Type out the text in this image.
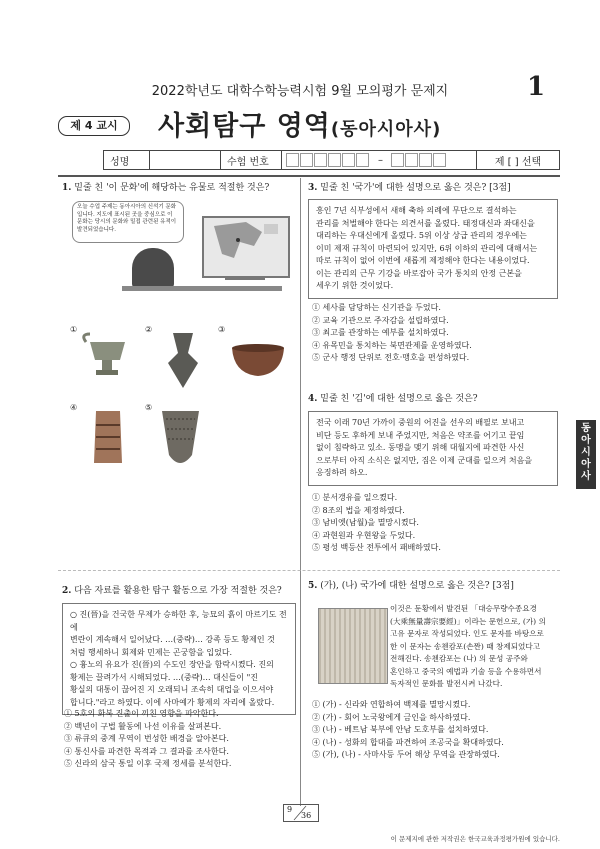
2022학년도 대학수학능력시험 9월 모의평가 문제지	1
제 4 교시	사회탐구 영역(동아시아사)
성명	수험 번호	–	제 [ ] 선택
1. 밑줄 친 '이 문화'에 해당하는 유물로 적절한 것은?
오늘 수업 주제는 동아시아의 신석기 문화입니다. 지도에 표시된 곳을 중심으로 이 문화는 당시의 문화와 밀접 관련된 유적이 발견되었습니다.
①	②	③
④	⑤
2. 다음 자료를 활용한 탐구 활동으로 가장 적절한 것은?
○ 진(晉)을 건국한 무제가 승하한 후, 능묘의 흙이 마르기도 전에
변란이 계속해서 일어났다. …(중략)… 강족 등도 황제인 것
처럼 행세하니 회제와 민제는 곤궁함을 입었다.
○ 흉노의 유요가 진(晉)의 수도인 장안을 함락시켰다. 진의
황제는 끌려가서 시해되었다. …(중략)… 대신들이 "진
황실의 대통이 끊어진 지 오래되니 조속히 대업을 이으셔야
합니다."라고 하였다. 이에 사마예가 황제의 자리에 올랐다.
① 5호의 화북 진출이 끼친 영향을 파악한다.
② 백년이 구법 활동에 나선 이유를 살펴본다.
③ 류큐의 중계 무역이 번성한 배경을 알아본다.
④ 통신사를 파견한 목적과 그 결과를 조사한다.
⑤ 신라의 삼국 통일 이후 국제 정세를 분석한다.
3. 밑줄 친 '국가'에 대한 설명으로 옳은 것은? [3점]
흥인 7년 식부성에서 새해 축하 의례에 무단으로 결석하는
관리를 처벌해야 한다는 의견서를 올렸다. 태정대신과 좌대신을
대리하는 우대신에게 올렸다. 5위 이상 상급 관리의 경우에는
이미 제재 규칙이 마련되어 있지만, 6위 이하의 관리에 대해서는
따로 규칙이 없어 이번에 새롭게 제정해야 한다는 내용이었다.
이는 관리의 근무 기강을 바로잡아 국가 통치의 안정 근본을
세우기 위한 것이었다.
① 세사를 담당하는 신기관을 두었다.
② 교육 기관으로 주자감을 설립하였다.
③ 최고를 관장하는 예부를 설치하였다.
④ 유목민을 통치하는 북면관제를 운영하였다.
⑤ 군사 행정 단위로 전호·맹호을 편성하였다.
4. 밑줄 친 '김'에 대한 설명으로 옳은 것은?
전국 이래 70년 가까이 중원의 어진을 선우의 배필로 보내고
비단 등도 후하게 보내 주었지만, 처음은 약조를 어기고 끝임
없이 침략하고 있소. 동맹을 맺기 위해 대월지에 파견한 사신
으로부터 아직 소식은 없지만, 짐은 이제 군대를 일으켜 처음을
응징하려 하오.
① 분서갱유를 일으켰다.
② 8조의 법을 제정하였다.
③ 남비엣(남월)을 멸망시켰다.
④ 과현원과 우현왕을 두었다.
⑤ 평성 백등산 전투에서 패배하였다.
5. (가), (나) 국가에 대한 설명으로 옳은 것은? [3점]
이것은 둔황에서 발견된 「대승무량수종요경
(大乘無量壽宗要經)」이라는 문헌으로, (가) 의
고유 문자로 작성되었다. 인도 문자를 바탕으로
한 이 문자는 송첸캄포(손짠) 때 창제되었다고
전해진다. 송첸캄포는 (나) 의 문성 공주와
혼인하고 중국의 예법과 기술 등을 수용하면서
독자적인 문화를 발전시켜 나갔다.
① (가) - 신라와 연합하여 백제를 멸망시켰다.
② (가) - 회어 노국왕에게 금인을 하사하였다.
③ (나) - 베트남 북부에 안남 도호부를 설치하였다.
④ (나) - 성화의 합대를 파견하여 조공국을 확대하였다.
⑤ (가), (나) - 사마사등 두어 해상 무역을 관장하였다.
동
아
시
아
사
9
36
이 문제지에 관한 저작권은 한국교육과정평가원에 있습니다.
